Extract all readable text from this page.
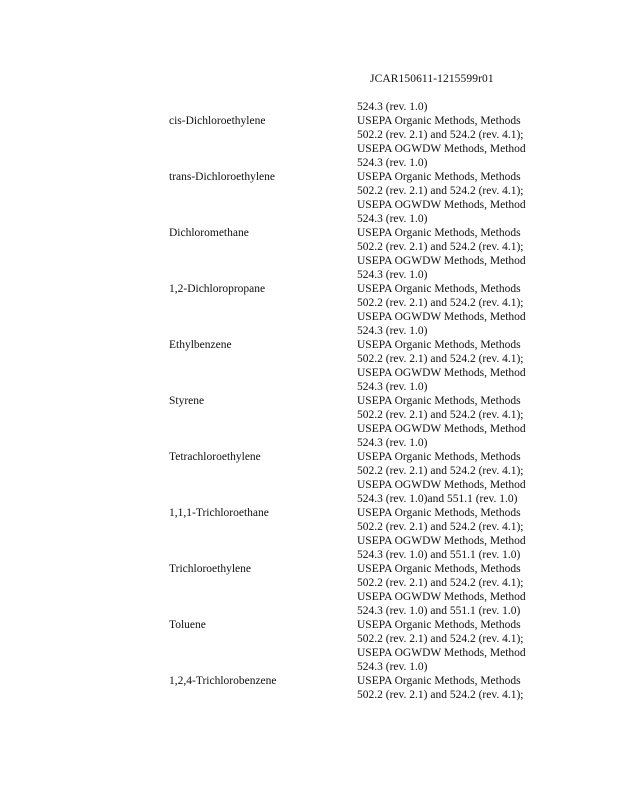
JCAR150611-1215599r01
524.3 (rev. 1.0)
cis-Dichloroethylene	USEPA Organic Methods, Methods
502.2 (rev. 2.1) and 524.2 (rev. 4.1);
USEPA OGWDW Methods, Method
524.3 (rev. 1.0)
trans-Dichloroethylene	USEPA Organic Methods, Methods
502.2 (rev. 2.1) and 524.2 (rev. 4.1);
USEPA OGWDW Methods, Method
524.3 (rev. 1.0)
Dichloromethane	USEPA Organic Methods, Methods
502.2 (rev. 2.1) and 524.2 (rev. 4.1);
USEPA OGWDW Methods, Method
524.3 (rev. 1.0)
1,2-Dichloropropane	USEPA Organic Methods, Methods
502.2 (rev. 2.1) and 524.2 (rev. 4.1);
USEPA OGWDW Methods, Method
524.3 (rev. 1.0)
Ethylbenzene	USEPA Organic Methods, Methods
502.2 (rev. 2.1) and 524.2 (rev. 4.1);
USEPA OGWDW Methods, Method
524.3 (rev. 1.0)
Styrene	USEPA Organic Methods, Methods
502.2 (rev. 2.1) and 524.2 (rev. 4.1);
USEPA OGWDW Methods, Method
524.3 (rev. 1.0)
Tetrachloroethylene	USEPA Organic Methods, Methods
502.2 (rev. 2.1) and 524.2 (rev. 4.1);
USEPA OGWDW Methods, Method
524.3 (rev. 1.0)and 551.1 (rev. 1.0)
1,1,1-Trichloroethane	USEPA Organic Methods, Methods
502.2 (rev. 2.1) and 524.2 (rev. 4.1);
USEPA OGWDW Methods, Method
524.3 (rev. 1.0) and 551.1 (rev. 1.0)
Trichloroethylene	USEPA Organic Methods, Methods
502.2 (rev. 2.1) and 524.2 (rev. 4.1);
USEPA OGWDW Methods, Method
524.3 (rev. 1.0) and 551.1 (rev. 1.0)
Toluene	USEPA Organic Methods, Methods
502.2 (rev. 2.1) and 524.2 (rev. 4.1);
USEPA OGWDW Methods, Method
524.3 (rev. 1.0)
1,2,4-Trichlorobenzene	USEPA Organic Methods, Methods
502.2 (rev. 2.1) and 524.2 (rev. 4.1);
